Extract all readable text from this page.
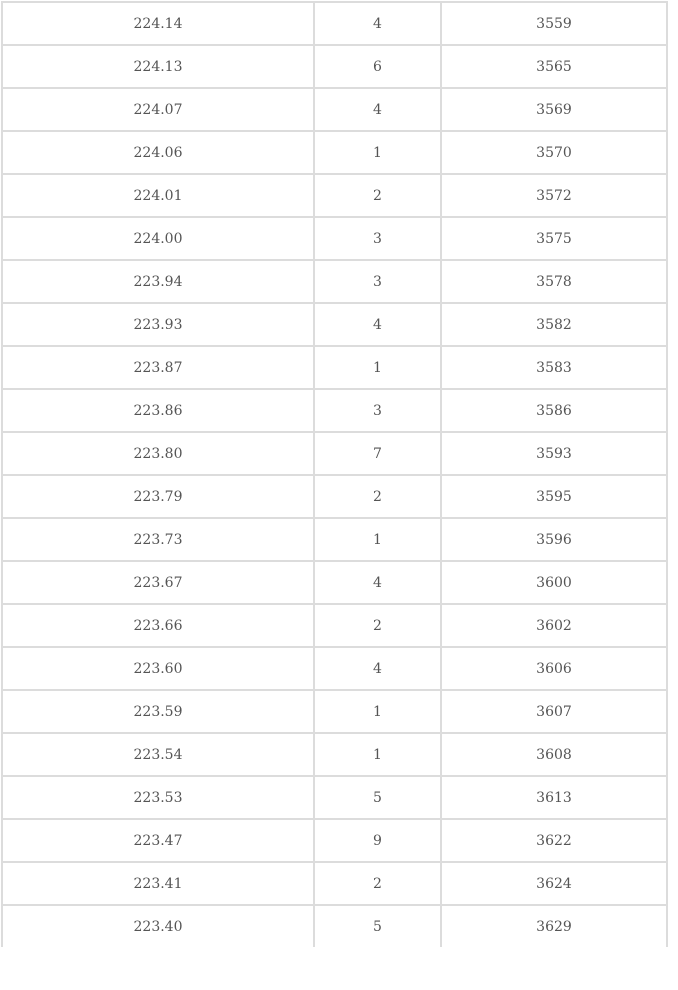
224.14	4	3559
224.13	6	3565
224.07	4	3569
224.06	1	3570
224.01	2	3572
224.00	3	3575
223.94	3	3578
223.93	4	3582
223.87	1	3583
223.86	3	3586
223.80	7	3593
223.79	2	3595
223.73	1	3596
223.67	4	3600
223.66	2	3602
223.60	4	3606
223.59	1	3607
223.54	1	3608
223.53	5	3613
223.47	9	3622
223.41	2	3624
223.40	5	3629
